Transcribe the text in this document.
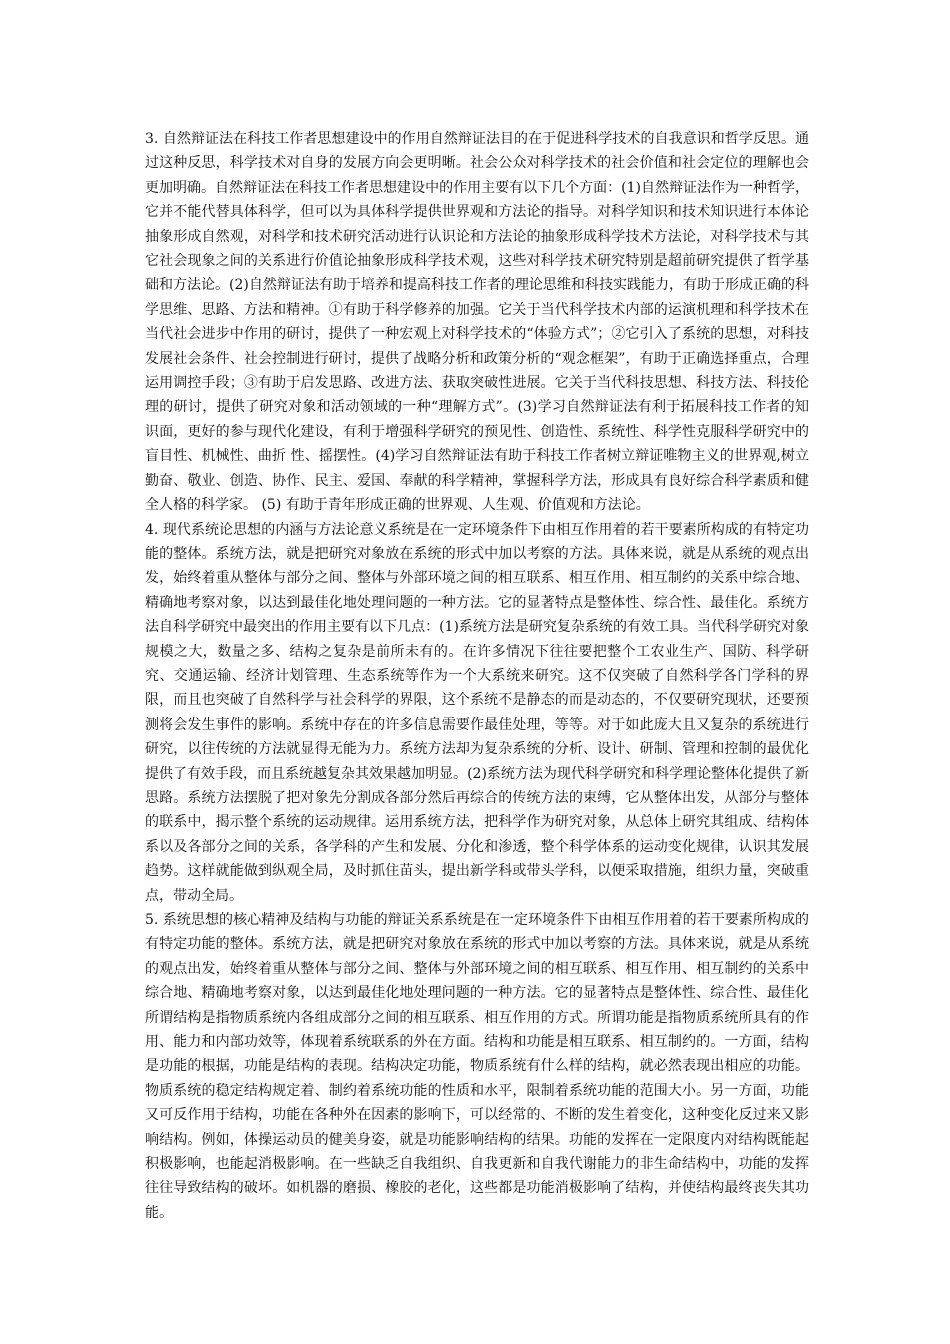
3. 自然辩证法在科技工作者思想建设中的作用自然辩证法目的在于促进科学技术的自我意识和哲学反思。通过这种反思，科学技术对自身的发展方向会更明晰。社会公众对科学技术的社会价值和社会定位的理解也会更加明确。自然辩证法在科技工作者思想建设中的作用主要有以下几个方面：(1)自然辩证法作为一种哲学，它并不能代替具体科学，但可以为具体科学提供世界观和方法论的指导。对科学知识和技术知识进行本体论抽象形成自然观，对科学和技术研究活动进行认识论和方法论的抽象形成科学技术方法论，对科学技术与其它社会现象之间的关系进行价值论抽象形成科学技术观，这些对科学技术研究特别是超前研究提供了哲学基础和方法论。(2)自然辩证法有助于培养和提高科技工作者的理论思维和科技实践能力，有助于形成正确的科学思维、思路、方法和精神。①有助于科学修养的加强。它关于当代科学技术内部的运演机理和科学技术在当代社会进步中作用的研讨，提供了一种宏观上对科学技术的“体验方式”；②它引入了系统的思想，对科技发展社会条件、社会控制进行研讨，提供了战略分析和政策分析的“观念框架”，有助于正确选择重点，合理运用调控手段；③有助于启发思路、改进方法、获取突破性进展。它关于当代科技思想、科技方法、科技伦理的研讨，提供了研究对象和活动领域的一种“理解方式”。(3)学习自然辩证法有利于拓展科技工作者的知识面，更好的参与现代化建设，有利于增强科学研究的预见性、创造性、系统性、科学性克服科学研究中的盲目性、机械性、曲折 性、摇摆性。(4)学习自然辩证法有助于科技工作者树立辩证唯物主义的世界观,树立勤奋、敬业、创造、协作、民主、爱国、奉献的科学精神，掌握科学方法，形成具有良好综合科学素质和健全人格的科学家。 (5) 有助于青年形成正确的世界观、人生观、价值观和方法论。

4. 现代系统论思想的内涵与方法论意义系统是在一定环境条件下由相互作用着的若干要素所构成的有特定功能的整体。系统方法，就是把研究对象放在系统的形式中加以考察的方法。具体来说，就是从系统的观点出发，始终着重从整体与部分之间、整体与外部环境之间的相互联系、相互作用、相互制约的关系中综合地、精确地考察对象，以达到最佳化地处理问题的一种方法。它的显著特点是整体性、综合性、最佳化。系统方法自科学研究中最突出的作用主要有以下几点：(1)系统方法是研究复杂系统的有效工具。当代科学研究对象规模之大，数量之多、结构之复杂是前所未有的。在许多情况下往往要把整个工农业生产、国防、科学研究、交通运输、经济计划管理、生态系统等作为一个大系统来研究。这不仅突破了自然科学各门学科的界限，而且也突破了自然科学与社会科学的界限，这个系统不是静态的而是动态的，不仅要研究现状，还要预测将会发生事件的影响。系统中存在的许多信息需要作最佳处理，等等。对于如此庞大且又复杂的系统进行研究，以往传统的方法就显得无能为力。系统方法却为复杂系统的分析、设计、研制、管理和控制的最优化提供了有效手段，而且系统越复杂其效果越加明显。(2)系统方法为现代科学研究和科学理论整体化提供了新思路。系统方法摆脱了把对象先分割成各部分然后再综合的传统方法的束缚，它从整体出发，从部分与整体的联系中，揭示整个系统的运动规律。运用系统方法，把科学作为研究对象，从总体上研究其组成、结构体系以及各部分之间的关系，各学科的产生和发展、分化和渗透，整个科学体系的运动变化规律，认识其发展趋势。这样就能做到纵观全局，及时抓住苗头，提出新学科或带头学科，以便采取措施，组织力量，突破重点，带动全局。

5. 系统思想的核心精神及结构与功能的辩证关系系统是在一定环境条件下由相互作用着的若干要素所构成的有特定功能的整体。系统方法，就是把研究对象放在系统的形式中加以考察的方法。具体来说，就是从系统的观点出发，始终着重从整体与部分之间、整体与外部环境之间的相互联系、相互作用、相互制约的关系中综合地、精确地考察对象，以达到最佳化地处理问题的一种方法。它的显著特点是整体性、综合性、最佳化所谓结构是指物质系统内各组成部分之间的相互联系、相互作用的方式。所谓功能是指物质系统所具有的作用、能力和内部功效等，体现着系统联系的外在方面。结构和功能是相互联系、相互制约的。一方面，结构是功能的根据，功能是结构的表现。结构决定功能，物质系统有什么样的结构，就必然表现出相应的功能。物质系统的稳定结构规定着、制约着系统功能的性质和水平，限制着系统功能的范围大小。另一方面，功能又可反作用于结构，功能在各种外在因素的影响下，可以经常的、不断的发生着变化，这种变化反过来又影响结构。例如，体操运动员的健美身姿，就是功能影响结构的结果。功能的发挥在一定限度内对结构既能起积极影响，也能起消极影响。在一些缺乏自我组织、自我更新和自我代谢能力的非生命结构中，功能的发挥往往导致结构的破坏。如机器的磨损、橡胶的老化，这些都是功能消极影响了结构，并使结构最终丧失其功能。
